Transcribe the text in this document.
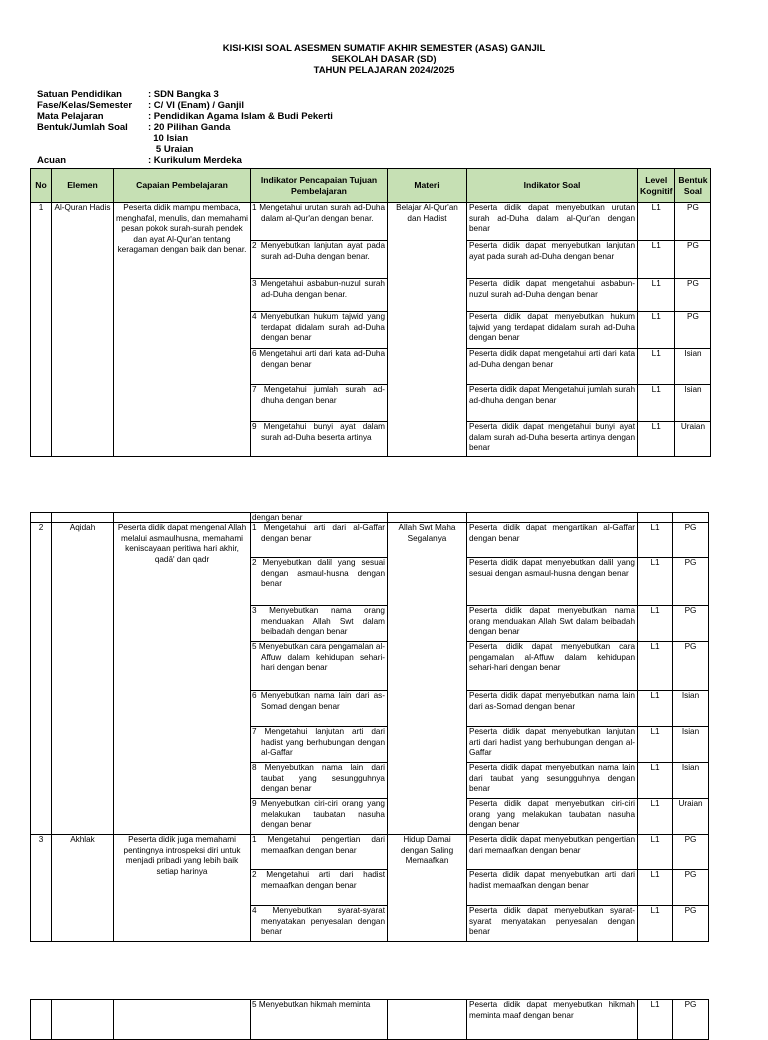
KISI-KISI SOAL ASESMEN SUMATIF AKHIR SEMESTER (ASAS) GANJIL
SEKOLAH DASAR (SD)
TAHUN PELAJARAN 2024/2025
Satuan Pendidikan	: SDN Bangka 3
Fase/Kelas/Semester	: C/ VI (Enam) / Ganjil
Mata Pelajaran	: Pendidikan Agama Islam & Budi Pekerti
Bentuk/Jumlah Soal	: 20 Pilihan Ganda
10 Isian
5 Uraian
Acuan	: Kurikulum Merdeka
No	Elemen	Capaian Pembelajaran	Indikator Pencapaian Tujuan Pembelajaran	Materi	Indikator Soal	Level Kognitif	Bentuk Soal
1	Al-Quran Hadis	Peserta didik mampu membaca, menghafal, menulis, dan memahami pesan pokok surah-surah pendek dan ayat Al-Qur'an tentang keragaman dengan baik dan benar.	1 Mengetahui urutan surah ad-Duha dalam al-Qur'an dengan benar.	Belajar Al-Qur'an dan Hadist	Peserta didik dapat menyebutkan urutan surah ad-Duha dalam al-Qur'an dengan benar	L1	PG
			2 Menyebutkan lanjutan ayat pada surah ad-Duha dengan benar.		Peserta didik dapat menyebutkan lanjutan ayat pada surah ad-Duha dengan benar	L1	PG
			3 Mengetahui asbabun-nuzul surah ad-Duha dengan benar.		Peserta didik dapat mengetahui asbabun-nuzul surah ad-Duha dengan benar	L1	PG
			4 Menyebutkan hukum tajwid yang terdapat didalam surah ad-Duha dengan benar		Peserta didik dapat menyebutkan hukum tajwid yang terdapat didalam surah ad-Duha dengan benar	L1	PG
			6 Mengetahui arti dari kata ad-Duha dengan benar		Peserta didik dapat mengetahui arti dari kata ad-Duha dengan benar	L1	Isian
			7 Mengetahui jumlah surah ad-dhuha dengan benar		Peserta didik dapat Mengetahui jumlah surah ad-dhuha dengan benar	L1	Isian
			9 Mengetahui bunyi ayat dalam surah ad-Duha beserta artinya		Peserta didik dapat mengetahui bunyi ayat dalam surah ad-Duha beserta artinya dengan benar	L1	Uraian
			dengan benar				
2	Aqidah	Peserta didik dapat mengenal Allah melalui asmaulhusna, memahami keniscayaan peritiwa hari akhir, qadā' dan qadr	1 Mengetahui arti dari al-Gaffar dengan benar	Allah Swt Maha Segalanya	Peserta didik dapat mengartikan al-Gaffar dengan benar	L1	PG
			2 Menyebutkan dalil yang sesuai dengan asmaul-husna dengan benar		Peserta didik dapat menyebutkan dalil yang sesuai dengan asmaul-husna dengan benar	L1	PG
			3 Menyebutkan nama orang menduakan Allah Swt dalam beibadah dengan benar		Peserta didik dapat menyebutkan nama orang menduakan Allah Swt dalam beibadah dengan benar	L1	PG
			5 Menyebutkan cara pengamalan al-Affuw dalam kehidupan sehari-hari dengan benar		Peserta didik dapat menyebutkan cara pengamalan al-Affuw dalam kehidupan sehari-hari dengan benar	L1	PG
			6 Menyebutkan nama lain dari as-Somad dengan benar		Peserta didik dapat menyebutkan nama lain dari as-Somad dengan benar	L1	Isian
			7 Mengetahui lanjutan arti dari hadist yang berhubungan dengan al-Gaffar		Peserta didik dapat menyebutkan lanjutan arti dari hadist yang berhubungan dengan al-Gaffar	L1	Isian
			8 Menyebutkan nama lain dari taubat yang sesungguhnya dengan benar		Peserta didik dapat menyebutkan nama lain dari taubat yang sesungguhnya dengan benar	L1	Isian
			9 Menyebutkan ciri-ciri orang yang melakukan taubatan nasuha dengan benar		Peserta didik dapat menyebutkan ciri-ciri orang yang melakukan taubatan nasuha dengan benar	L1	Uraian
3	Akhlak	Peserta didik juga memahami pentingnya introspeksi diri untuk menjadi pribadi yang lebih baik setiap harinya	1 Mengetahui pengertian dari memaafkan dengan benar	Hidup Damai dengan Saling Memaafkan	Peserta didik dapat menyebutkan pengertian dari memaafkan dengan benar	L1	PG
			2 Mengetahui arti dari hadist memaafkan dengan benar		Peserta didik dapat menyebutkan arti dari hadist memaafkan dengan benar	L1	PG
			4 Menyebutkan syarat-syarat menyatakan penyesalan dengan benar		Peserta didik dapat menyebutkan syarat-syarat menyatakan penyesalan dengan benar	L1	PG
			5 Menyebutkan hikmah meminta		Peserta didik dapat menyebutkan hikmah meminta maaf dengan benar	L1	PG
